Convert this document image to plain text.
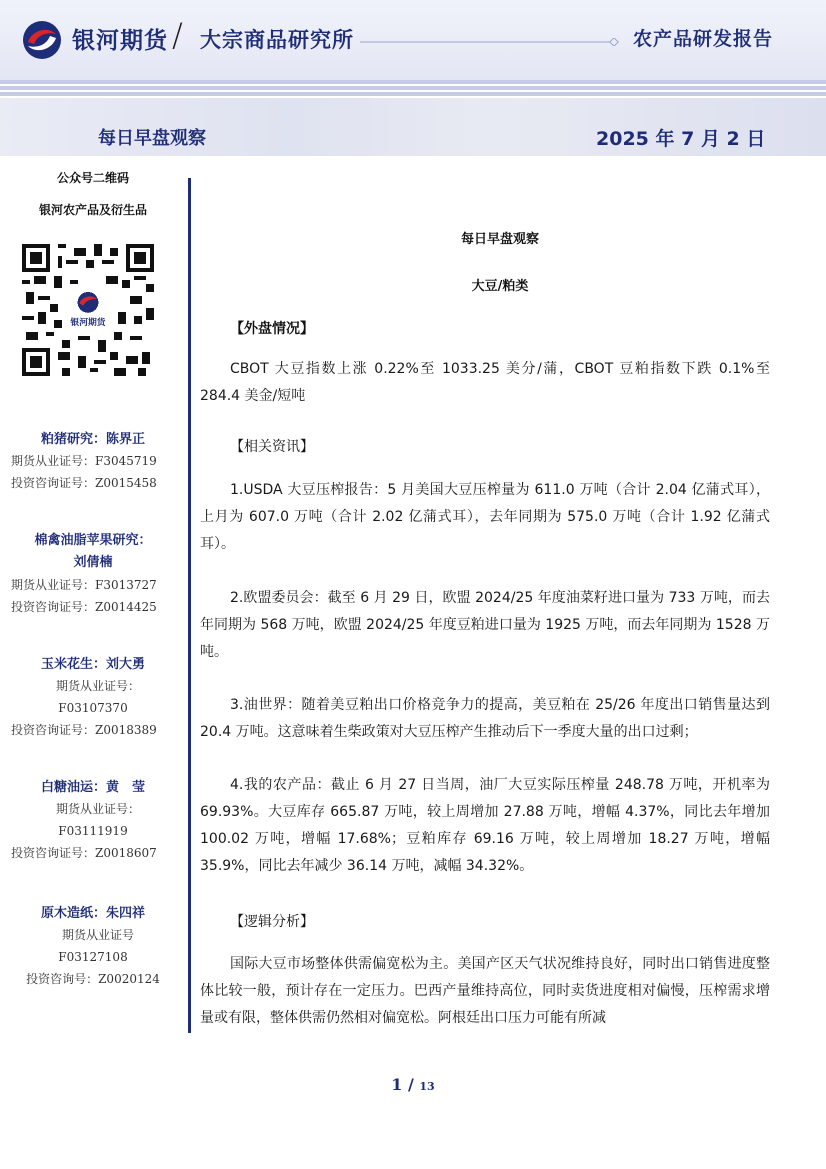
银河期货 / 大宗商品研究所	农产品研发报告
每日早盘观察	2025 年 7 月 2 日
公众号二维码
银河农产品及衍生品
银河期货
粕猪研究：陈界正
期货从业证号：F3045719
投资咨询证号：Z0015458
棉禽油脂苹果研究：
刘倩楠
期货从业证号：F3013727
投资咨询证号：Z0014425
玉米花生：刘大勇
期货从业证号：
F03107370
投资咨询证号：Z0018389
白糖油运：黄　莹
期货从业证号：
F03111919
投资咨询证号：Z0018607
原木造纸：朱四祥
期货从业证号
F03127108
投资咨询号：Z0020124
每日早盘观察
大豆/粕类
【外盘情况】
CBOT 大豆指数上涨 0.22%至 1033.25 美分/蒲，CBOT 豆粕指数下跌 0.1%至 284.4 美金/短吨
【相关资讯】
1.USDA 大豆压榨报告：5 月美国大豆压榨量为 611.0 万吨（合计 2.04 亿蒲式耳），上月为 607.0 万吨（合计 2.02 亿蒲式耳），去年同期为 575.0 万吨（合计 1.92 亿蒲式耳）。
2.欧盟委员会：截至 6 月 29 日，欧盟 2024/25 年度油菜籽进口量为 733 万吨，而去年同期为 568 万吨，欧盟 2024/25 年度豆粕进口量为 1925 万吨，而去年同期为 1528 万吨。
3.油世界：随着美豆粕出口价格竞争力的提高，美豆粕在 25/26 年度出口销售量达到 20.4 万吨。这意味着生柴政策对大豆压榨产生推动后下一季度大量的出口过剩；
4.我的农产品：截止 6 月 27 日当周，油厂大豆实际压榨量 248.78 万吨，开机率为 69.93%。大豆库存 665.87 万吨，较上周增加 27.88 万吨，增幅 4.37%，同比去年增加 100.02 万吨，增幅 17.68%；豆粕库存 69.16 万吨，较上周增加 18.27 万吨，增幅 35.9%，同比去年减少 36.14 万吨，减幅 34.32%。
【逻辑分析】
国际大豆市场整体供需偏宽松为主。美国产区天气状况维持良好，同时出口销售进度整体比较一般，预计存在一定压力。巴西产量维持高位，同时卖货进度相对偏慢，压榨需求增量或有限，整体供需仍然相对偏宽松。阿根廷出口压力可能有所减
1 / 13
